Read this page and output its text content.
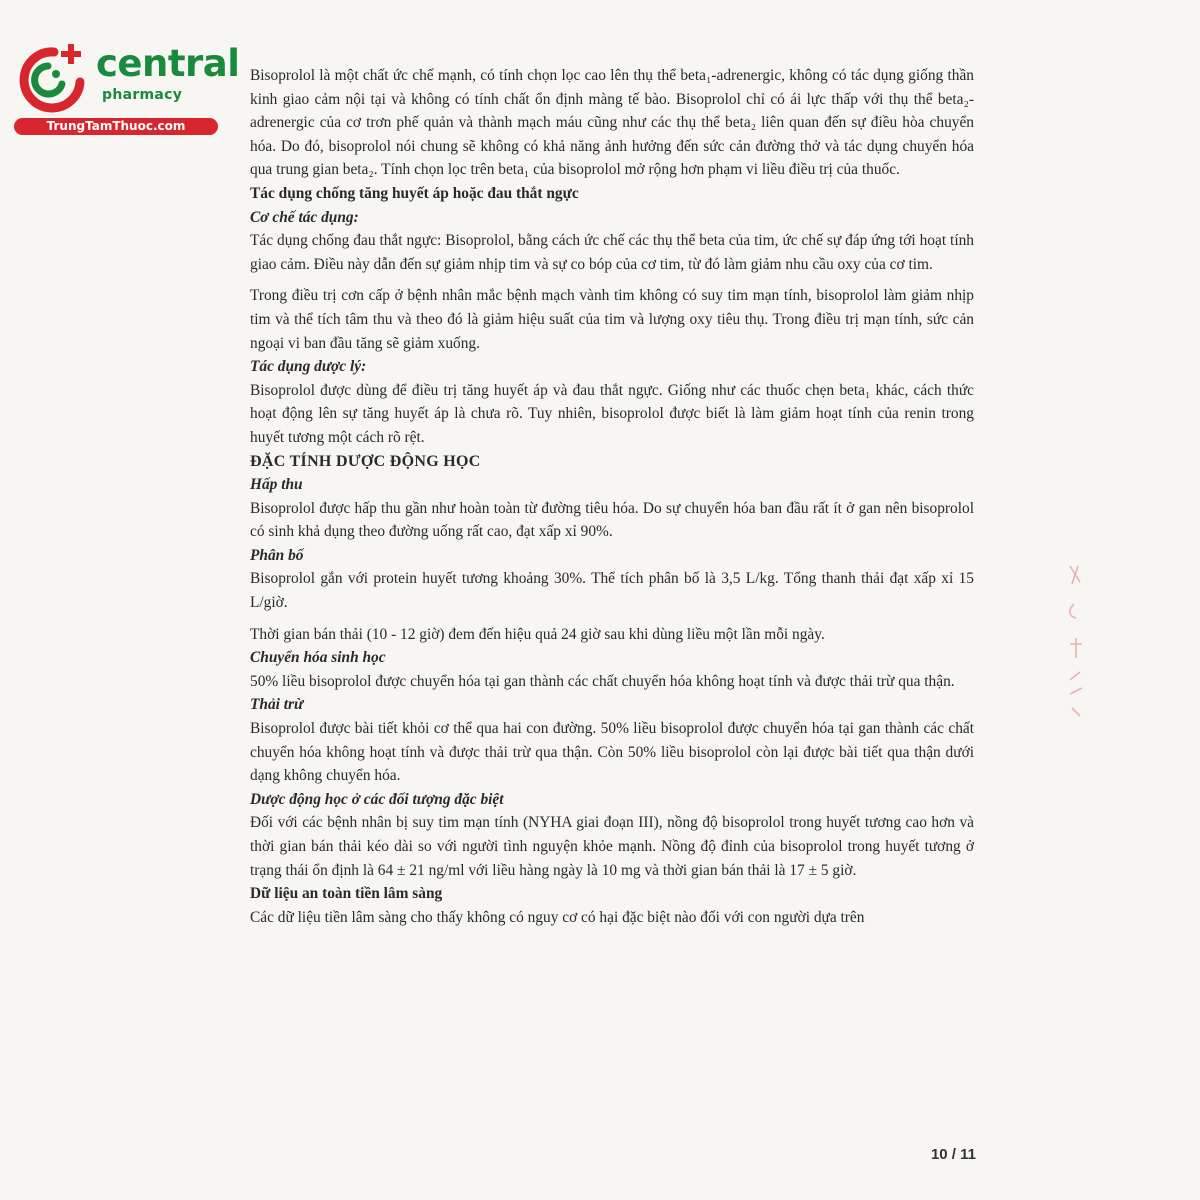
central
pharmacy
TrungTamThuoc.com

Bisoprolol là một chất ức chế mạnh, có tính chọn lọc cao lên thụ thể beta₁-adrenergic, không có tác dụng giống thần kinh giao cảm nội tại và không có tính chất ổn định màng tế bào. Bisoprolol chỉ có ái lực thấp với thụ thể beta₂-adrenergic của cơ trơn phế quản và thành mạch máu cũng như các thụ thể beta₂ liên quan đến sự điều hòa chuyển hóa. Do đó, bisoprolol nói chung sẽ không có khả năng ảnh hưởng đến sức cản đường thở và tác dụng chuyển hóa qua trung gian beta₂. Tính chọn lọc trên beta₁ của bisoprolol mở rộng hơn phạm vi liều điều trị của thuốc.

Tác dụng chống tăng huyết áp hoặc đau thắt ngực
Cơ chế tác dụng:

Tác dụng chống đau thắt ngực: Bisoprolol, bằng cách ức chế các thụ thể beta của tim, ức chế sự đáp ứng tới hoạt tính giao cảm. Điều này dẫn đến sự giảm nhịp tim và sự co bóp của cơ tim, từ đó làm giảm nhu cầu oxy của cơ tim.

Trong điều trị cơn cấp ở bệnh nhân mắc bệnh mạch vành tim không có suy tim mạn tính, bisoprolol làm giảm nhịp tim và thể tích tâm thu và theo đó là giảm hiệu suất của tim và lượng oxy tiêu thụ. Trong điều trị mạn tính, sức cản ngoại vi ban đầu tăng sẽ giảm xuống.

Tác dụng dược lý:

Bisoprolol được dùng để điều trị tăng huyết áp và đau thắt ngực. Giống như các thuốc chẹn beta₁ khác, cách thức hoạt động lên sự tăng huyết áp là chưa rõ. Tuy nhiên, bisoprolol được biết là làm giảm hoạt tính của renin trong huyết tương một cách rõ rệt.

ĐẶC TÍNH DƯỢC ĐỘNG HỌC
Hấp thu

Bisoprolol được hấp thu gần như hoàn toàn từ đường tiêu hóa. Do sự chuyển hóa ban đầu rất ít ở gan nên bisoprolol có sinh khả dụng theo đường uống rất cao, đạt xấp xỉ 90%.

Phân bố

Bisoprolol gắn với protein huyết tương khoảng 30%. Thể tích phân bố là 3,5 L/kg. Tổng thanh thải đạt xấp xỉ 15 L/giờ.

Thời gian bán thải (10 - 12 giờ) đem đến hiệu quả 24 giờ sau khi dùng liều một lần mỗi ngày.

Chuyển hóa sinh học

50% liều bisoprolol được chuyển hóa tại gan thành các chất chuyển hóa không hoạt tính và được thải trừ qua thận.

Thải trừ

Bisoprolol được bài tiết khỏi cơ thể qua hai con đường. 50% liều bisoprolol được chuyển hóa tại gan thành các chất chuyển hóa không hoạt tính và được thải trừ qua thận. Còn 50% liều bisoprolol còn lại được bài tiết qua thận dưới dạng không chuyển hóa.

Dược động học ở các đối tượng đặc biệt

Đối với các bệnh nhân bị suy tim mạn tính (NYHA giai đoạn III), nồng độ bisoprolol trong huyết tương cao hơn và thời gian bán thải kéo dài so với người tình nguyện khỏe mạnh. Nồng độ đỉnh của bisoprolol trong huyết tương ở trạng thái ổn định là 64 ± 21 ng/ml với liều hàng ngày là 10 mg và thời gian bán thải là 17 ± 5 giờ.

Dữ liệu an toàn tiền lâm sàng

Các dữ liệu tiền lâm sàng cho thấy không có nguy cơ có hại đặc biệt nào đối với con người dựa trên

10 / 11
